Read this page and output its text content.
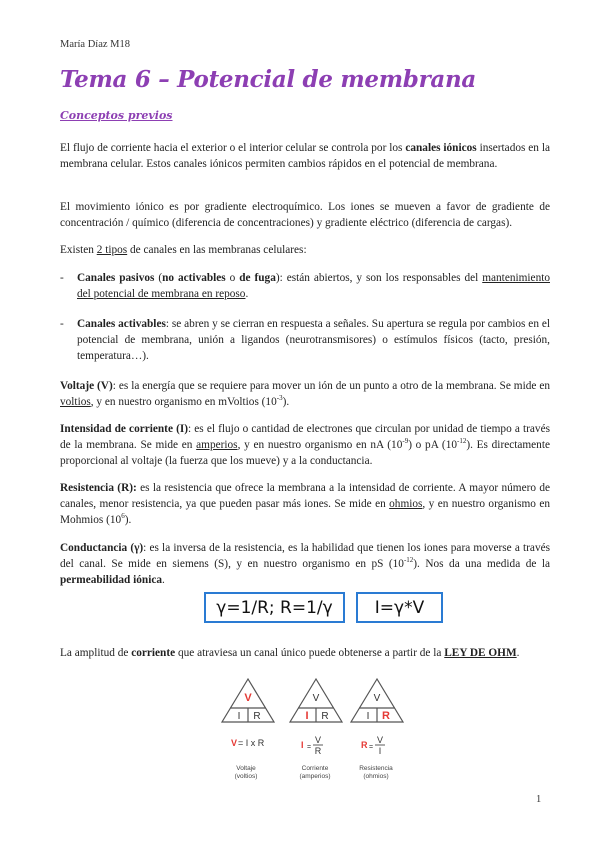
María Díaz M18
Tema 6 – Potencial de membrana
Conceptos previos
El flujo de corriente hacia el exterior o el interior celular se controla por los canales iónicos insertados en la membrana celular. Estos canales iónicos permiten cambios rápidos en el potencial de membrana.
El movimiento iónico es por gradiente electroquímico. Los iones se mueven a favor de gradiente de concentración / químico (diferencia de concentraciones) y gradiente eléctrico (diferencia de cargas).
Existen 2 tipos de canales en las membranas celulares:
- Canales pasivos (no activables o de fuga): están abiertos, y son los responsables del mantenimiento del potencial de membrana en reposo.
- Canales activables: se abren y se cierran en respuesta a señales. Su apertura se regula por cambios en el potencial de membrana, unión a ligandos (neurotransmisores) o estímulos físicos (tacto, presión, temperatura…).
Voltaje (V): es la energía que se requiere para mover un ión de un punto a otro de la membrana. Se mide en voltios, y en nuestro organismo en mVoltios $(10^{-3})$.
Intensidad de corriente (I): es el flujo o cantidad de electrones que circulan por unidad de tiempo a través de la membrana. Se mide en amperios, y en nuestro organismo en nA $(10^{-9})$ o pA $(10^{-12})$. Es directamente proporcional al voltaje (la fuerza que los mueve) y a la conductancia.
Resistencia (R): es la resistencia que ofrece la membrana a la intensidad de corriente. A mayor número de canales, menor resistencia, ya que pueden pasar más iones. Se mide en ohmios, y en nuestro organismo en Mohmios $(10^6)$.
Conductancia (γ): es la inversa de la resistencia, es la habilidad que tienen los iones para moverse a través del canal. Se mide en siemens (S), y en nuestro organismo en pS $(10^{-12})$. Nos da una medida de la permeabilidad iónica.
γ=1/R; R=1/γ	I=γ*V
La amplitud de corriente que atraviesa un canal único puede obtenerse a partir de la LEY DE OHM.
V
I R
V
I R
V
I R
V = I x R	I =
V
R
R =
V
I
Voltaje
(voltios)
Corriente
(amperios)
Resistencia
(ohmios)
1
